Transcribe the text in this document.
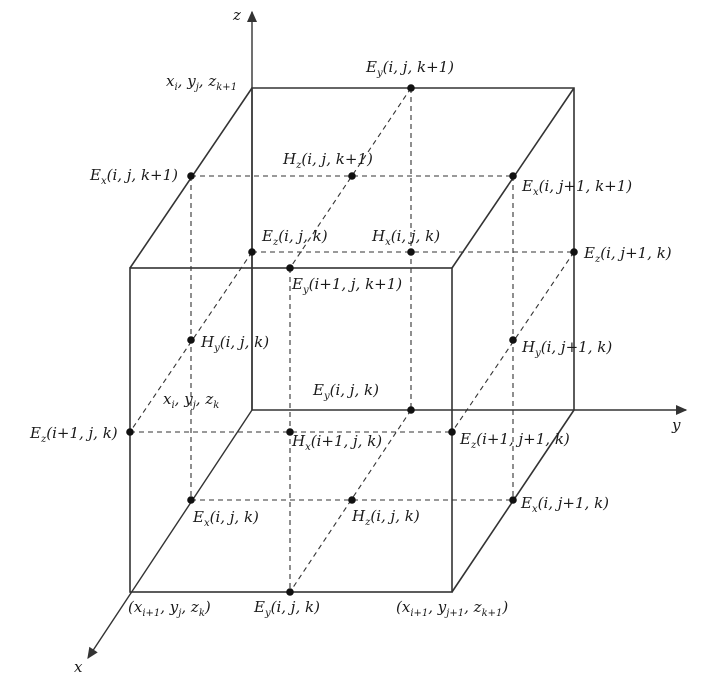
z
y
x
$x_i$, $y_j$, $z_{k+1}$
$x_i$, $y_j$, $z_k$
($x_{i+1}$, $y_j$, $z_k$)	($x_{i+1}$, $y_{j+1}$, $z_{k+1}$)
$E_y(i$, j, k+1)
$E_x(i$, j, k+1)
$H_z(i$, j, k+1)
$E_x(i$, j+1, k+1)
$E_z(i$, j, k)	$H_x(i$, j, k)
$E_z(i$, j+1, k)
$E_y(i+1$, j, k+1)
$H_y(i$, j, k)	$H_y(i$, j+1, k)
$E_y(i$, j, k)
$E_z(i+1$, j, k)	$H_x(i+1$, j, k)	$E_z(i+1$, j+1, k)
$E_x(i$, j, k)	$H_z(i$, j, k)
$E_x(i$, j+1, k)
$E_y(i$, j, k)
